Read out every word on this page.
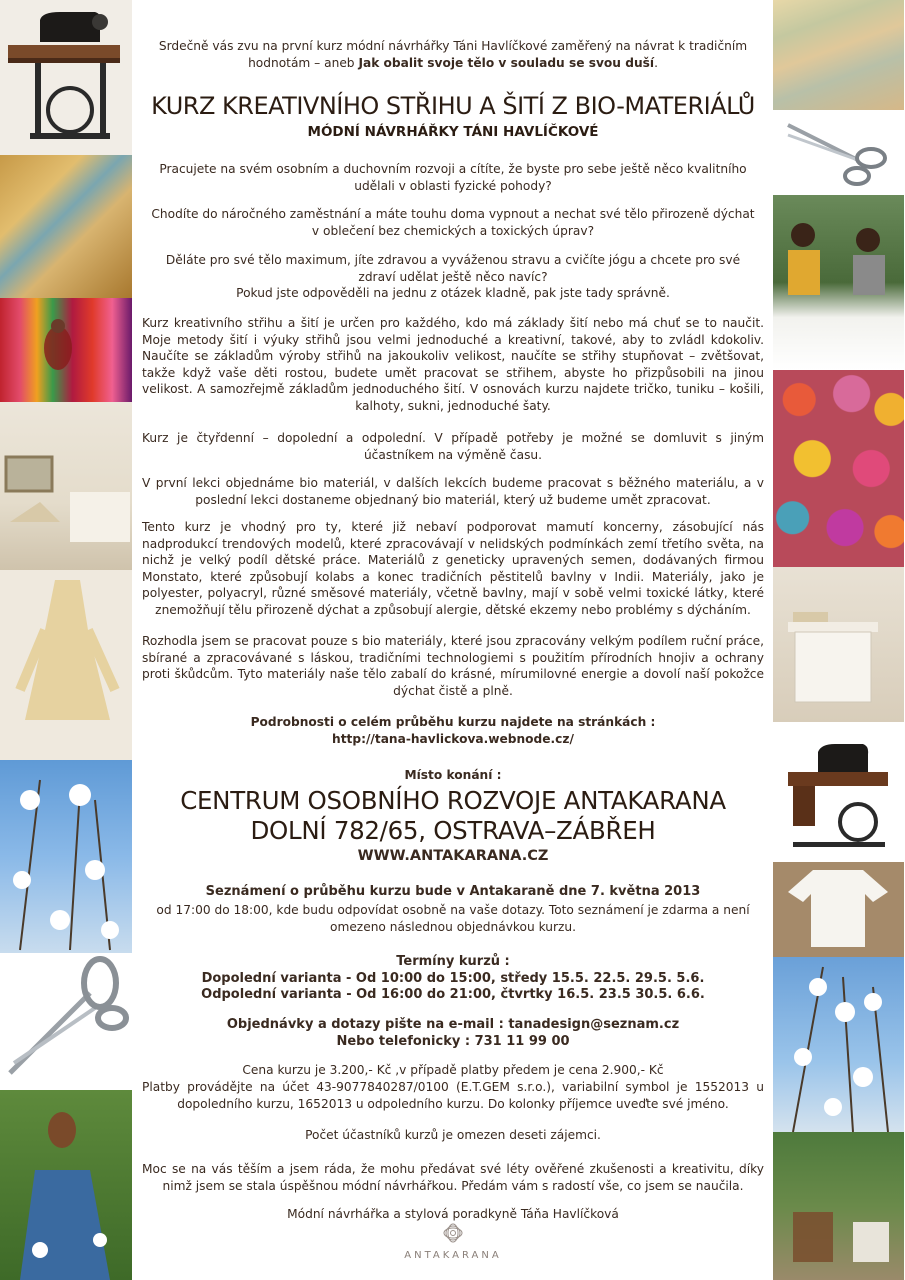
Srdečně vás zvu na první kurz módní návrhářky Táni Havlíčkové zaměřený na návrat k tradičním

hodnotám – aneb Jak obalit svoje tělo v souladu se svou duší.

KURZ KREATIVNÍHO STŘIHU A ŠITÍ Z BIO-MATERIÁLŮ
MÓDNÍ NÁVRHÁŘKY TÁNI HAVLÍČKOVÉ

Pracujete na svém osobním a duchovním rozvoji a cítíte, že byste pro sebe ještě něco kvalitního udělali v oblasti fyzické pohody?

Chodíte do náročného zaměstnání a máte touhu doma vypnout a nechat své tělo přirozeně dýchat v oblečení bez chemických a toxických úprav?

Děláte pro své tělo maximum, jíte zdravou a vyváženou stravu a cvičíte jógu a chcete pro své zdraví udělat ještě něco navíc?

Pokud jste odpověděli na jednu z otázek kladně, pak jste tady správně.

Kurz kreativního střihu a šití je určen pro každého, kdo má základy šití nebo má chuť se to naučit. Moje metody šití i výuky střihů jsou velmi jednoduché a kreativní, takové, aby to zvládl kdokoliv. Naučíte se základům výroby střihů na jakoukoliv velikost, naučíte se střihy stupňovat – zvětšovat, takže když vaše děti rostou, budete umět pracovat se střihem, abyste ho přizpůsobili na jinou velikost. A samozřejmě základům jednoduchého šití. V osnovách kurzu najdete tričko, tuniku – košili, kalhoty, sukni, jednoduché šaty.

Kurz je čtyřdenní – dopolední a odpolední. V případě potřeby je možné se domluvit s jiným účastníkem na výměně času.

V první lekci objednáme bio materiál, v dalších lekcích budeme pracovat s běžného materiálu, a v poslední lekci dostaneme objednaný bio materiál, který už budeme umět zpracovat.

Tento kurz je vhodný pro ty, které již nebaví podporovat mamutí koncerny, zásobující nás nadprodukcí trendových modelů, které zpracovávají v nelidských podmínkách zemí třetího světa, na nichž je velký podíl dětské práce. Materiálů z geneticky upravených semen, dodávaných firmou Monstato, které způsobují kolabs a konec tradičních pěstitelů bavlny v Indii. Materiály, jako je polyester, polyacryl, různé směsové materiály, včetně bavlny, mají v sobě velmi toxické látky, které znemožňují tělu přirozeně dýchat a způsobují alergie, dětské ekzemy nebo problémy s dýcháním.

Rozhodla jsem se pracovat pouze s bio materiály, které jsou zpracovány velkým podílem ruční práce, sbírané a zpracovávané s láskou, tradičními technologiemi s použitím přírodních hnojiv a ochrany proti škůdcům. Tyto materiály naše tělo zabalí do krásné, mírumilovné energie a dovolí naší pokožce dýchat čistě a plně.

Podrobnosti o celém průběhu kurzu najdete na stránkách :

http://tana-havlickova.webnode.cz/

Místo konání :

CENTRUM OSOBNÍHO ROZVOJE ANTAKARANA
DOLNÍ 782/65, OSTRAVA–ZÁBŘEH

WWW.ANTAKARANA.CZ

Seznámení o průběhu kurzu bude v Antakaraně dne 7. května 2013

od 17:00 do 18:00, kde budu odpovídat osobně na vaše dotazy. Toto seznámení je zdarma a není omezeno následnou objednávkou kurzu.

Termíny kurzů :

Dopolední varianta - Od 10:00 do 15:00, středy 15.5. 22.5. 29.5. 5.6.

Odpolední varianta - Od 16:00 do 21:00, čtvrtky 16.5. 23.5 30.5. 6.6.

Objednávky a dotazy pište na e-mail : tanadesign@seznam.cz

Nebo telefonicky : 731 11 99 00

Cena kurzu je 3.200,- Kč ,v případě platby předem je cena 2.900,- Kč

Platby provádějte na účet 43-9077840287/0100 (E.T.GEM s.r.o.), variabilní symbol je 1552013 u dopoledního kurzu, 1652013 u odpoledního kurzu. Do kolonky příjemce uveďte své jméno.

Počet účastníků kurzů je omezen deseti zájemci.

Moc se na vás těším a jsem ráda, že mohu předávat své léty ověřené zkušenosti a kreativitu, díky nimž jsem se stala úspěšnou módní návrhářkou. Předám vám s radostí vše, co jsem se naučila.

Módní návrhářka a stylová poradkyně Táňa Havlíčková

ANTAKARANA
